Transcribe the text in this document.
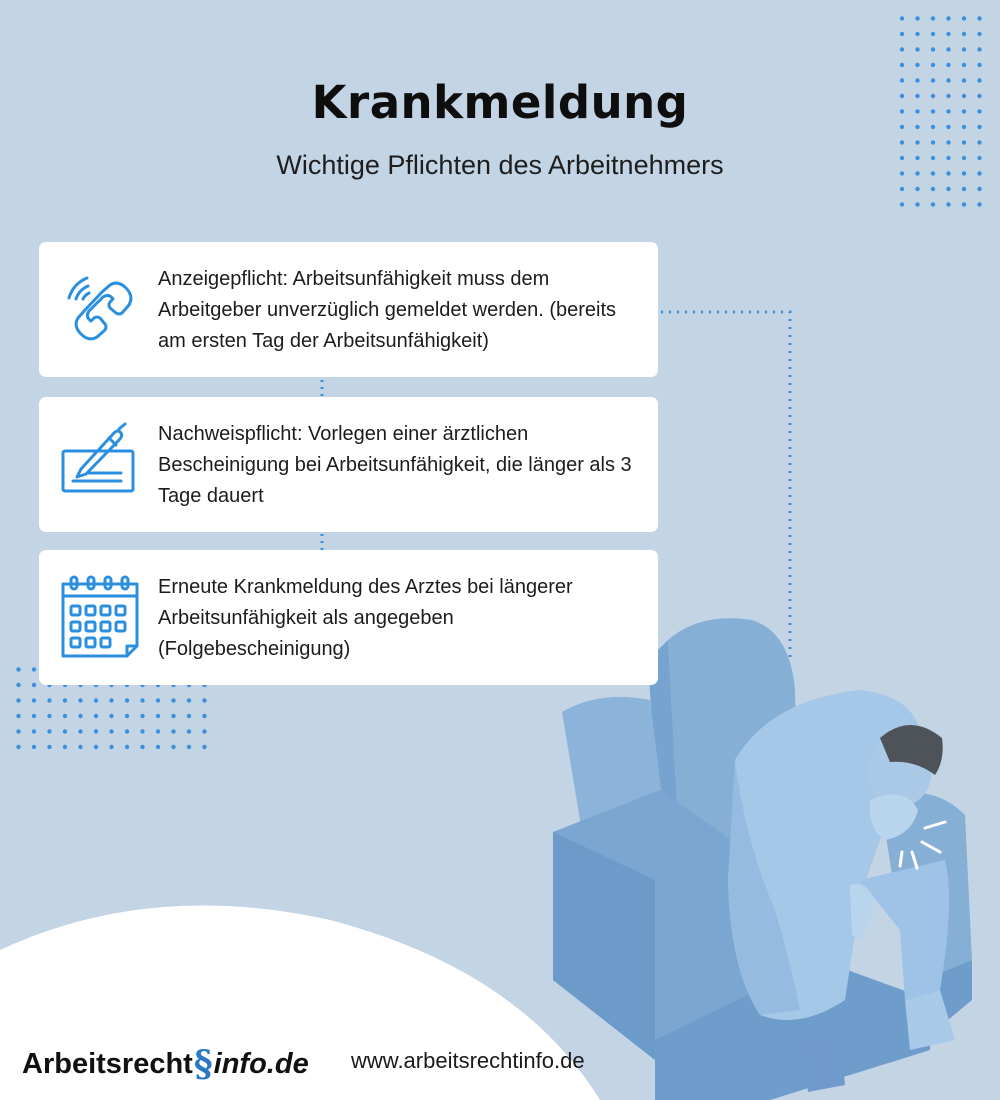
Krankmeldung
Wichtige Pflichten des Arbeitnehmers
Anzeigepflicht: Arbeitsunfähigkeit muss dem Arbeitgeber unverzüglich gemeldet werden. (bereits am ersten Tag der Arbeitsunfähigkeit)
Nachweispflicht: Vorlegen einer ärztlichen Bescheinigung bei Arbeitsunfähigkeit, die länger als 3 Tage dauert
Erneute Krankmeldung des Arztes bei längerer Arbeitsunfähigkeit als angegeben (Folgebescheinigung)
Arbeitsrecht§info.de www.arbeitsrechtinfo.de
